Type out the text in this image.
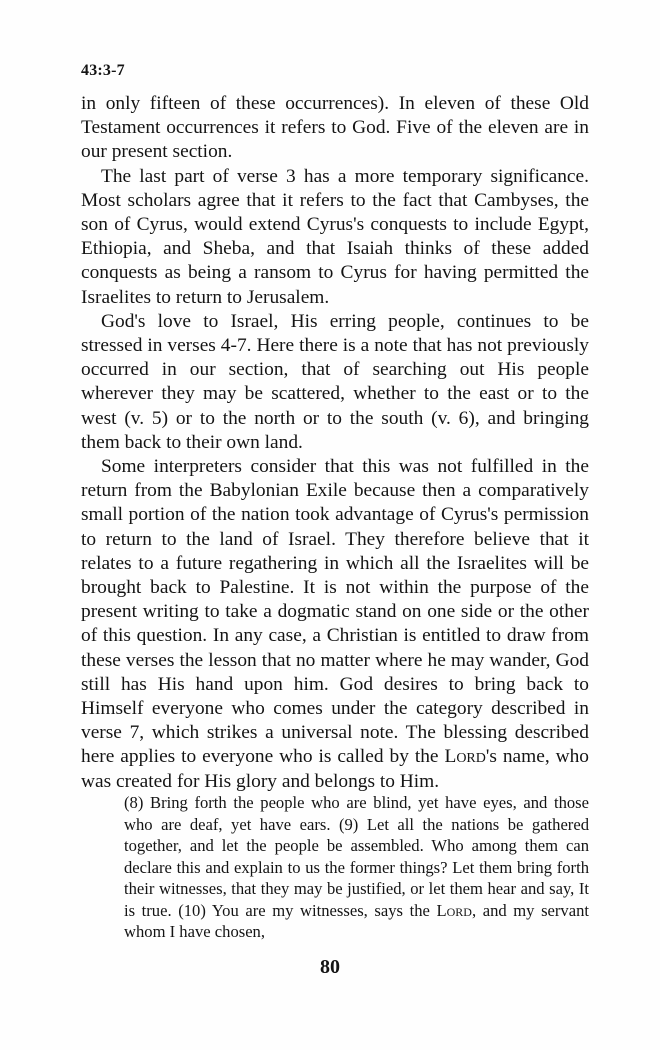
43:3-7

in only fifteen of these occurrences). In eleven of these Old Testament occurrences it refers to God. Five of the eleven are in our present section.

The last part of verse 3 has a more temporary significance. Most scholars agree that it refers to the fact that Cambyses, the son of Cyrus, would extend Cyrus's conquests to include Egypt, Ethiopia, and Sheba, and that Isaiah thinks of these added conquests as being a ransom to Cyrus for having permitted the Israelites to return to Jerusalem.

God's love to Israel, His erring people, continues to be stressed in verses 4-7. Here there is a note that has not previously occurred in our section, that of searching out His people wherever they may be scattered, whether to the east or to the west (v. 5) or to the north or to the south (v. 6), and bringing them back to their own land.

Some interpreters consider that this was not fulfilled in the return from the Babylonian Exile because then a comparatively small portion of the nation took advantage of Cyrus's permission to return to the land of Israel. They therefore believe that it relates to a future regathering in which all the Israelites will be brought back to Palestine. It is not within the purpose of the present writing to take a dogmatic stand on one side or the other of this question. In any case, a Christian is entitled to draw from these verses the lesson that no matter where he may wander, God still has His hand upon him. God desires to bring back to Himself everyone who comes under the category described in verse 7, which strikes a universal note. The blessing described here applies to everyone who is called by the Lord's name, who was created for His glory and belongs to Him.

(8) Bring forth the people who are blind, yet have eyes, and those who are deaf, yet have ears. (9) Let all the nations be gathered together, and let the people be assembled. Who among them can declare this and explain to us the former things? Let them bring forth their witnesses, that they may be justified, or let them hear and say, It is true. (10) You are my witnesses, says the Lord, and my servant whom I have chosen,

80
